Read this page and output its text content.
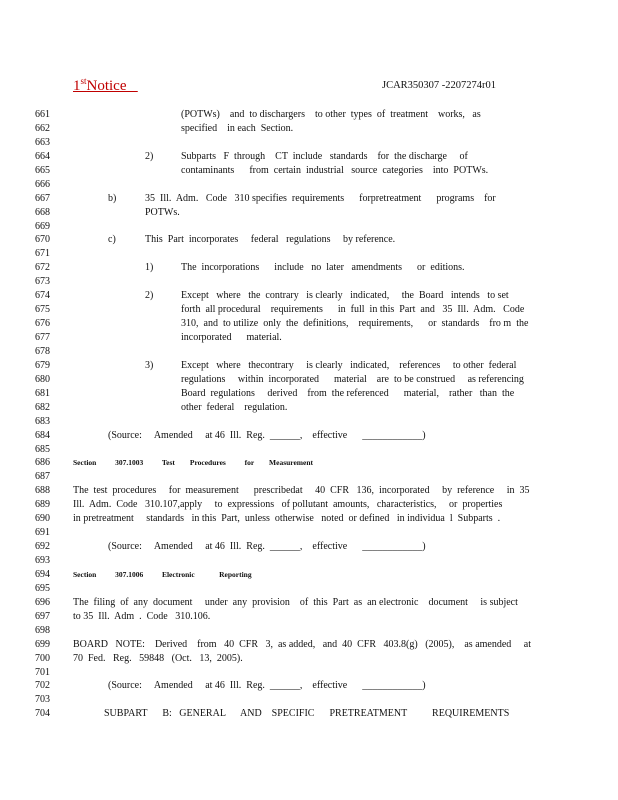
1stNotice	JCAR350307 -2207274r01
661	(POTWs)    and  to dischargers    to other  types  of  treatment    works,   as
662	specified    in each  Section.
663
664	2)	Subparts   F  through    CT  include   standards    for  the discharge     of
665	contaminants      from  certain  industrial   source  categories    into  POTWs.
666
667	b)	35  Ill.  Adm.   Code   310 specifies  requirements      forpretreatment      programs    for
668	POTWs.
669
670	c)	This  Part  incorporates     federal   regulations     by reference.
671
672	1)	The  incorporations      include   no  later   amendments      or  editions.
673
674	2)	Except   where   the  contrary   is clearly   indicated,     the  Board   intends   to set
675	forth  all procedural    requirements      in  full  in this  Part  and   35  Ill.  Adm.   Code
676	310,  and  to utilize  only  the  definitions,    requirements,      or  standards    fro m  the
677	incorporated      material.
678
679	3)	Except   where   thecontrary     is clearly   indicated,    references     to other  federal
680	regulations     within  incorporated      material    are  to be construed     as referencing
681	Board  regulations     derived    from  the referenced      material,    rather   than  the
682	other  federal    regulation.
683
684	(Source:     Amended     at 46  Ill.  Reg.  ______,    effective      ____________)
685
686	Section          307.1003          Test        Procedures          for        Measurement
687
688	The  test  procedures     for  measurement      prescribedat     40  CFR   136,  incorporated     by  reference     in  35
689	Ill.  Adm.  Code   310.107,apply     to  expressions   of pollutant  amounts,   characteristics,     or  properties
690	in pretreatment     standards   in this  Part,  unless  otherwise   noted  or defined   in individua  l  Subparts  .
691
692	(Source:     Amended     at 46  Ill.  Reg.  ______,    effective      ____________)
693
694	Section          307.1006          Electronic             Reporting
695
696	The  filing  of  any  document     under  any  provision    of  this  Part  as  an electronic    document     is subject
697	to 35  Ill.  Adm  .  Code   310.106.
698
699	BOARD   NOTE:    Derived    from   40  CFR   3,  as added,   and  40  CFR   403.8(g)   (2005),    as amended     at
700	70  Fed.   Reg.   59848   (Oct.   13,  2005).
701
702	(Source:     Amended     at 46  Ill.  Reg.  ______,    effective      ____________)
703
704	SUBPART      B:   GENERAL      AND    SPECIFIC      PRETREATMENT          REQUIREMENTS
